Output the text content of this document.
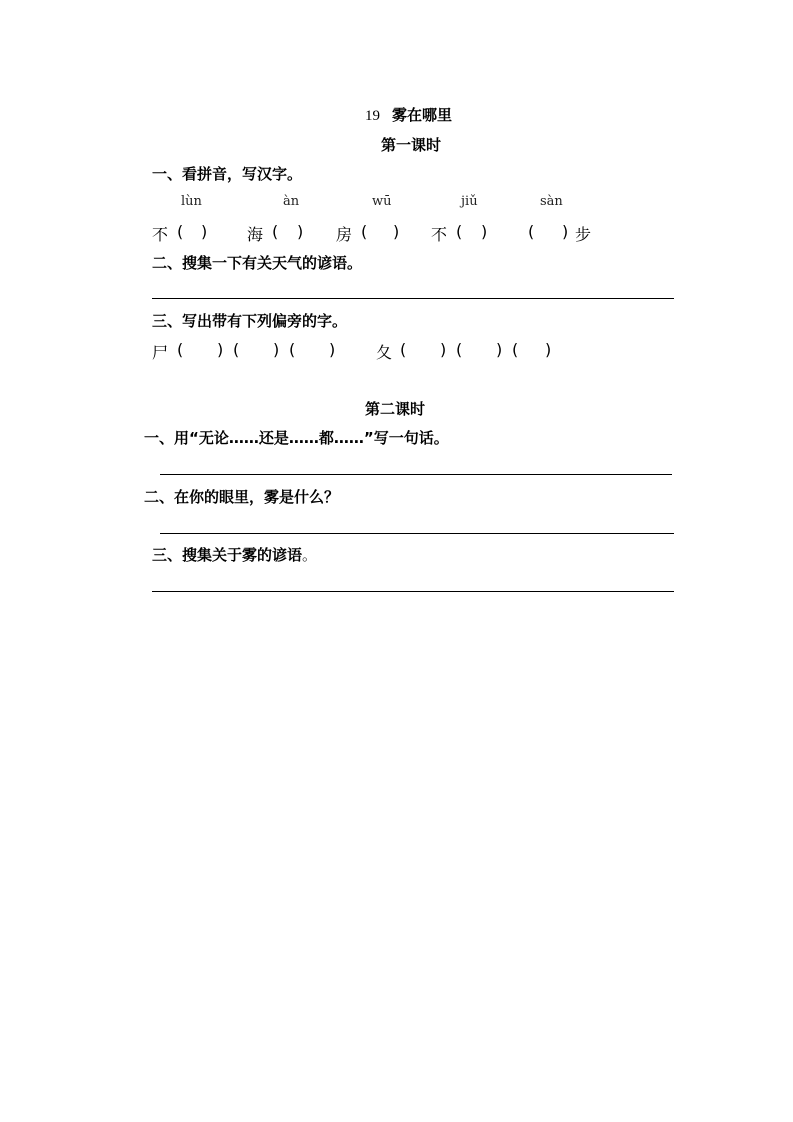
19 雾在哪里
第一课时
一、看拼音，写汉字。
lùn	àn	wū	jiǔ	sàn
不 ( ) 海 ( ) 房 ( ) 不 ( )	( ) 步
二、搜集一下有关天气的谚语。
三、写出带有下列偏旁的字。
尸 ( ) ( ) ( )	夂 ( ) ( ) ( )
第二课时
一、用“无论……还是……都……”写一句话。
二、在你的眼里，雾是什么？
三、搜集关于雾的谚语。
